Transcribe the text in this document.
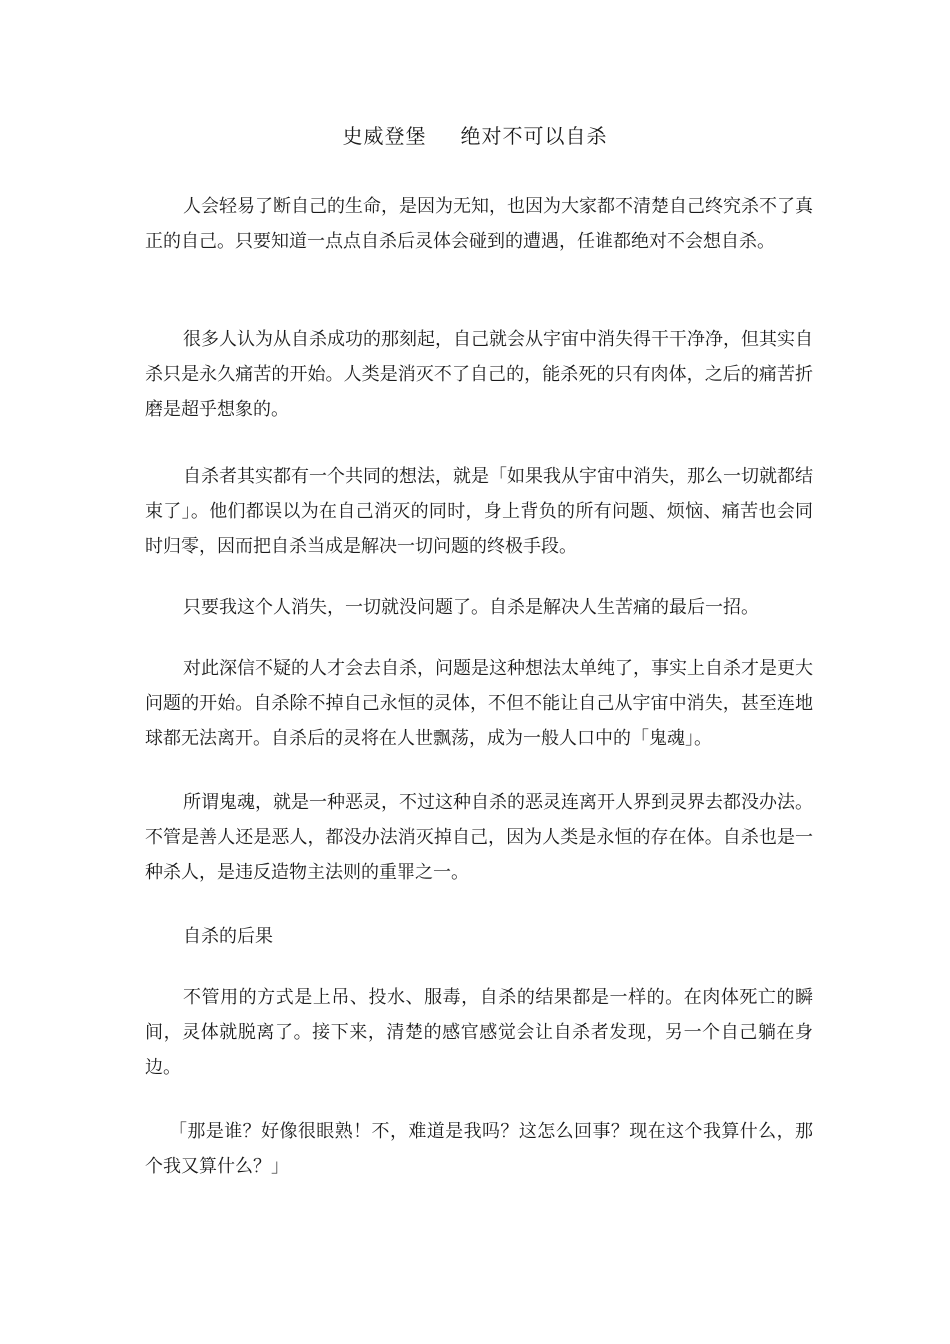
史威登堡 绝对不可以自杀

人会轻易了断自己的生命，是因为无知，也因为大家都不清楚自己终究杀不了真正的自己。只要知道一点点自杀后灵体会碰到的遭遇，任谁都绝对不会想自杀。

很多人认为从自杀成功的那刻起，自己就会从宇宙中消失得干干净净，但其实自杀只是永久痛苦的开始。人类是消灭不了自己的，能杀死的只有肉体，之后的痛苦折磨是超乎想象的。

自杀者其实都有一个共同的想法，就是「如果我从宇宙中消失，那么一切就都结束了」。他们都误以为在自己消灭的同时，身上背负的所有问题、烦恼、痛苦也会同时归零，因而把自杀当成是解决一切问题的终极手段。

只要我这个人消失，一切就没问题了。自杀是解决人生苦痛的最后一招。

对此深信不疑的人才会去自杀，问题是这种想法太单纯了，事实上自杀才是更大问题的开始。自杀除不掉自己永恒的灵体，不但不能让自己从宇宙中消失，甚至连地球都无法离开。自杀后的灵将在人世飘荡，成为一般人口中的「鬼魂」。

所谓鬼魂，就是一种恶灵，不过这种自杀的恶灵连离开人界到灵界去都没办法。不管是善人还是恶人，都没办法消灭掉自己，因为人类是永恒的存在体。自杀也是一种杀人，是违反造物主法则的重罪之一。

自杀的后果

不管用的方式是上吊、投水、服毒，自杀的结果都是一样的。在肉体死亡的瞬间，灵体就脱离了。接下来，清楚的感官感觉会让自杀者发现，另一个自己躺在身边。

「那是谁？好像很眼熟！不，难道是我吗？这怎么回事？现在这个我算什么，那个我又算什么？」
